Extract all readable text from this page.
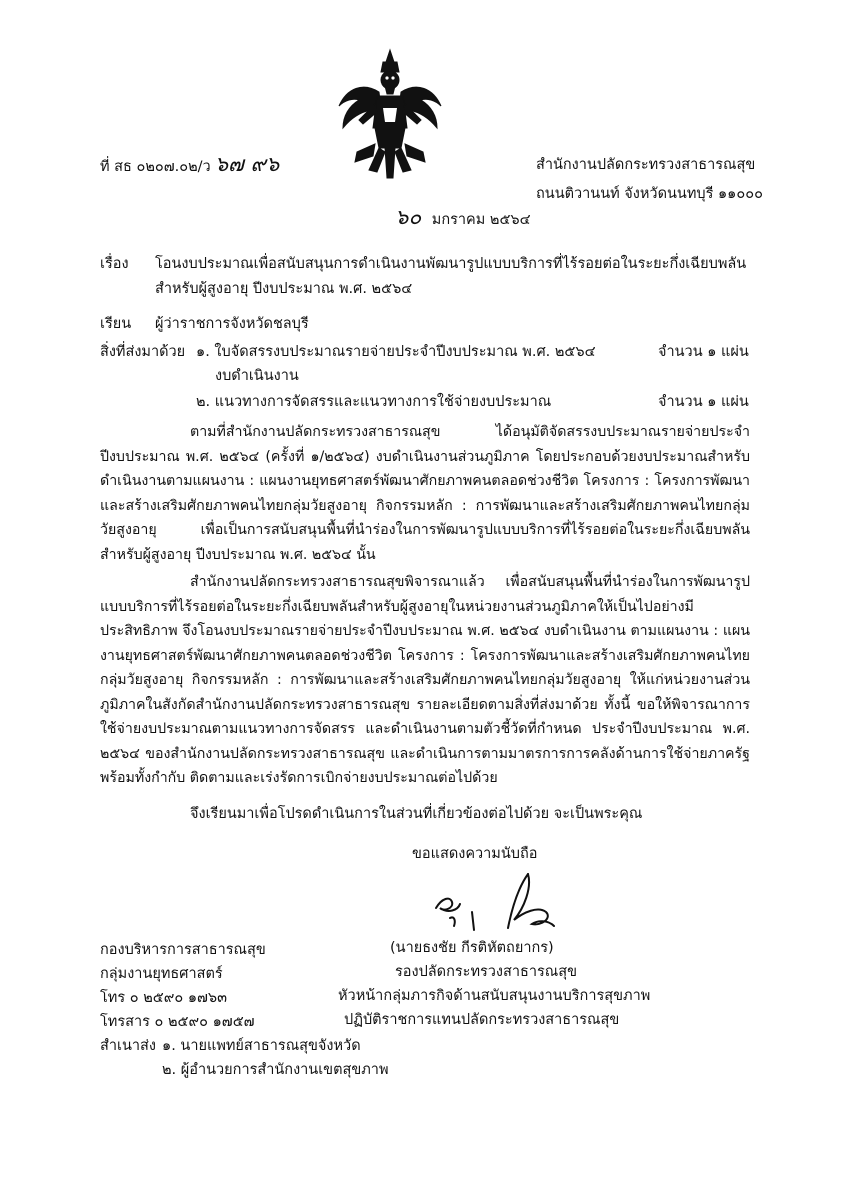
ที่ สธ ๐๒๐๗.๐๒/ว ๖๗ ๙๖	สำนักงานปลัดกระทรวงสาธารณสุข
ถนนติวานนท์ จังหวัดนนทบุรี ๑๑๐๐๐
๖๐ มกราคม ๒๕๖๔
เรื่อง โอนงบประมาณเพื่อสนับสนุนการดำเนินงานพัฒนารูปแบบบริการที่ไร้รอยต่อในระยะกึ่งเฉียบพลัน
สำหรับผู้สูงอายุ ปีงบประมาณ พ.ศ. ๒๕๖๔
เรียน ผู้ว่าราชการจังหวัดชลบุรี
สิ่งที่ส่งมาด้วย ๑. ใบจัดสรรงบประมาณรายจ่ายประจำปีงบประมาณ พ.ศ. ๒๕๖๔	จำนวน ๑ แผ่น
งบดำเนินงาน
๒. แนวทางการจัดสรรและแนวทางการใช้จ่ายงบประมาณ	จำนวน ๑ แผ่น
ตามที่สำนักงานปลัดกระทรวงสาธารณสุข ได้อนุมัติจัดสรรงบประมาณรายจ่ายประจำปีงบประมาณ พ.ศ. ๒๕๖๔ (ครั้งที่ ๑/๒๕๖๔) งบดำเนินงานส่วนภูมิภาค โดยประกอบด้วยงบประมาณสำหรับดำเนินงานตามแผนงาน : แผนงานยุทธศาสตร์พัฒนาศักยภาพคนตลอดช่วงชีวิต โครงการ : โครงการพัฒนาและสร้างเสริมศักยภาพคนไทยกลุ่มวัยสูงอายุ กิจกรรมหลัก : การพัฒนาและสร้างเสริมศักยภาพคนไทยกลุ่มวัยสูงอายุ เพื่อเป็นการสนับสนุนพื้นที่นำร่องในการพัฒนารูปแบบบริการที่ไร้รอยต่อในระยะกึ่งเฉียบพลันสำหรับผู้สูงอายุ ปีงบประมาณ พ.ศ. ๒๕๖๔ นั้น
สำนักงานปลัดกระทรวงสาธารณสุขพิจารณาแล้ว เพื่อสนับสนุนพื้นที่นำร่องในการพัฒนารูปแบบบริการที่ไร้รอยต่อในระยะกึ่งเฉียบพลันสำหรับผู้สูงอายุในหน่วยงานส่วนภูมิภาคให้เป็นไปอย่างมีประสิทธิภาพ จึงโอนงบประมาณรายจ่ายประจำปีงบประมาณ พ.ศ. ๒๕๖๔ งบดำเนินงาน ตามแผนงาน : แผนงานยุทธศาสตร์พัฒนาศักยภาพคนตลอดช่วงชีวิต โครงการ : โครงการพัฒนาและสร้างเสริมศักยภาพคนไทยกลุ่มวัยสูงอายุ กิจกรรมหลัก : การพัฒนาและสร้างเสริมศักยภาพคนไทยกลุ่มวัยสูงอายุ ให้แก่หน่วยงานส่วนภูมิภาคในสังกัดสำนักงานปลัดกระทรวงสาธารณสุข รายละเอียดตามสิ่งที่ส่งมาด้วย ทั้งนี้ ขอให้พิจารณาการใช้จ่ายงบประมาณตามแนวทางการจัดสรร และดำเนินงานตามตัวชี้วัดที่กำหนด ประจำปีงบประมาณ พ.ศ. ๒๕๖๔ ของสำนักงานปลัดกระทรวงสาธารณสุข และดำเนินการตามมาตรการการคลังด้านการใช้จ่ายภาครัฐ พร้อมทั้งกำกับ ติดตามและเร่งรัดการเบิกจ่ายงบประมาณต่อไปด้วย
จึงเรียนมาเพื่อโปรดดำเนินการในส่วนที่เกี่ยวข้องต่อไปด้วย จะเป็นพระคุณ
ขอแสดงความนับถือ
(นายธงชัย กีรติหัตถยากร)
รองปลัดกระทรวงสาธารณสุข
หัวหน้ากลุ่มภารกิจด้านสนับสนุนงานบริการสุขภาพ
ปฏิบัติราชการแทนปลัดกระทรวงสาธารณสุข
กองบริหารการสาธารณสุข
กลุ่มงานยุทธศาสตร์
โทร ๐ ๒๕๙๐ ๑๗๖๓
โทรสาร ๐ ๒๕๙๐ ๑๗๕๗
สำเนาส่ง ๑. นายแพทย์สาธารณสุขจังหวัด
๒. ผู้อำนวยการสำนักงานเขตสุขภาพ
